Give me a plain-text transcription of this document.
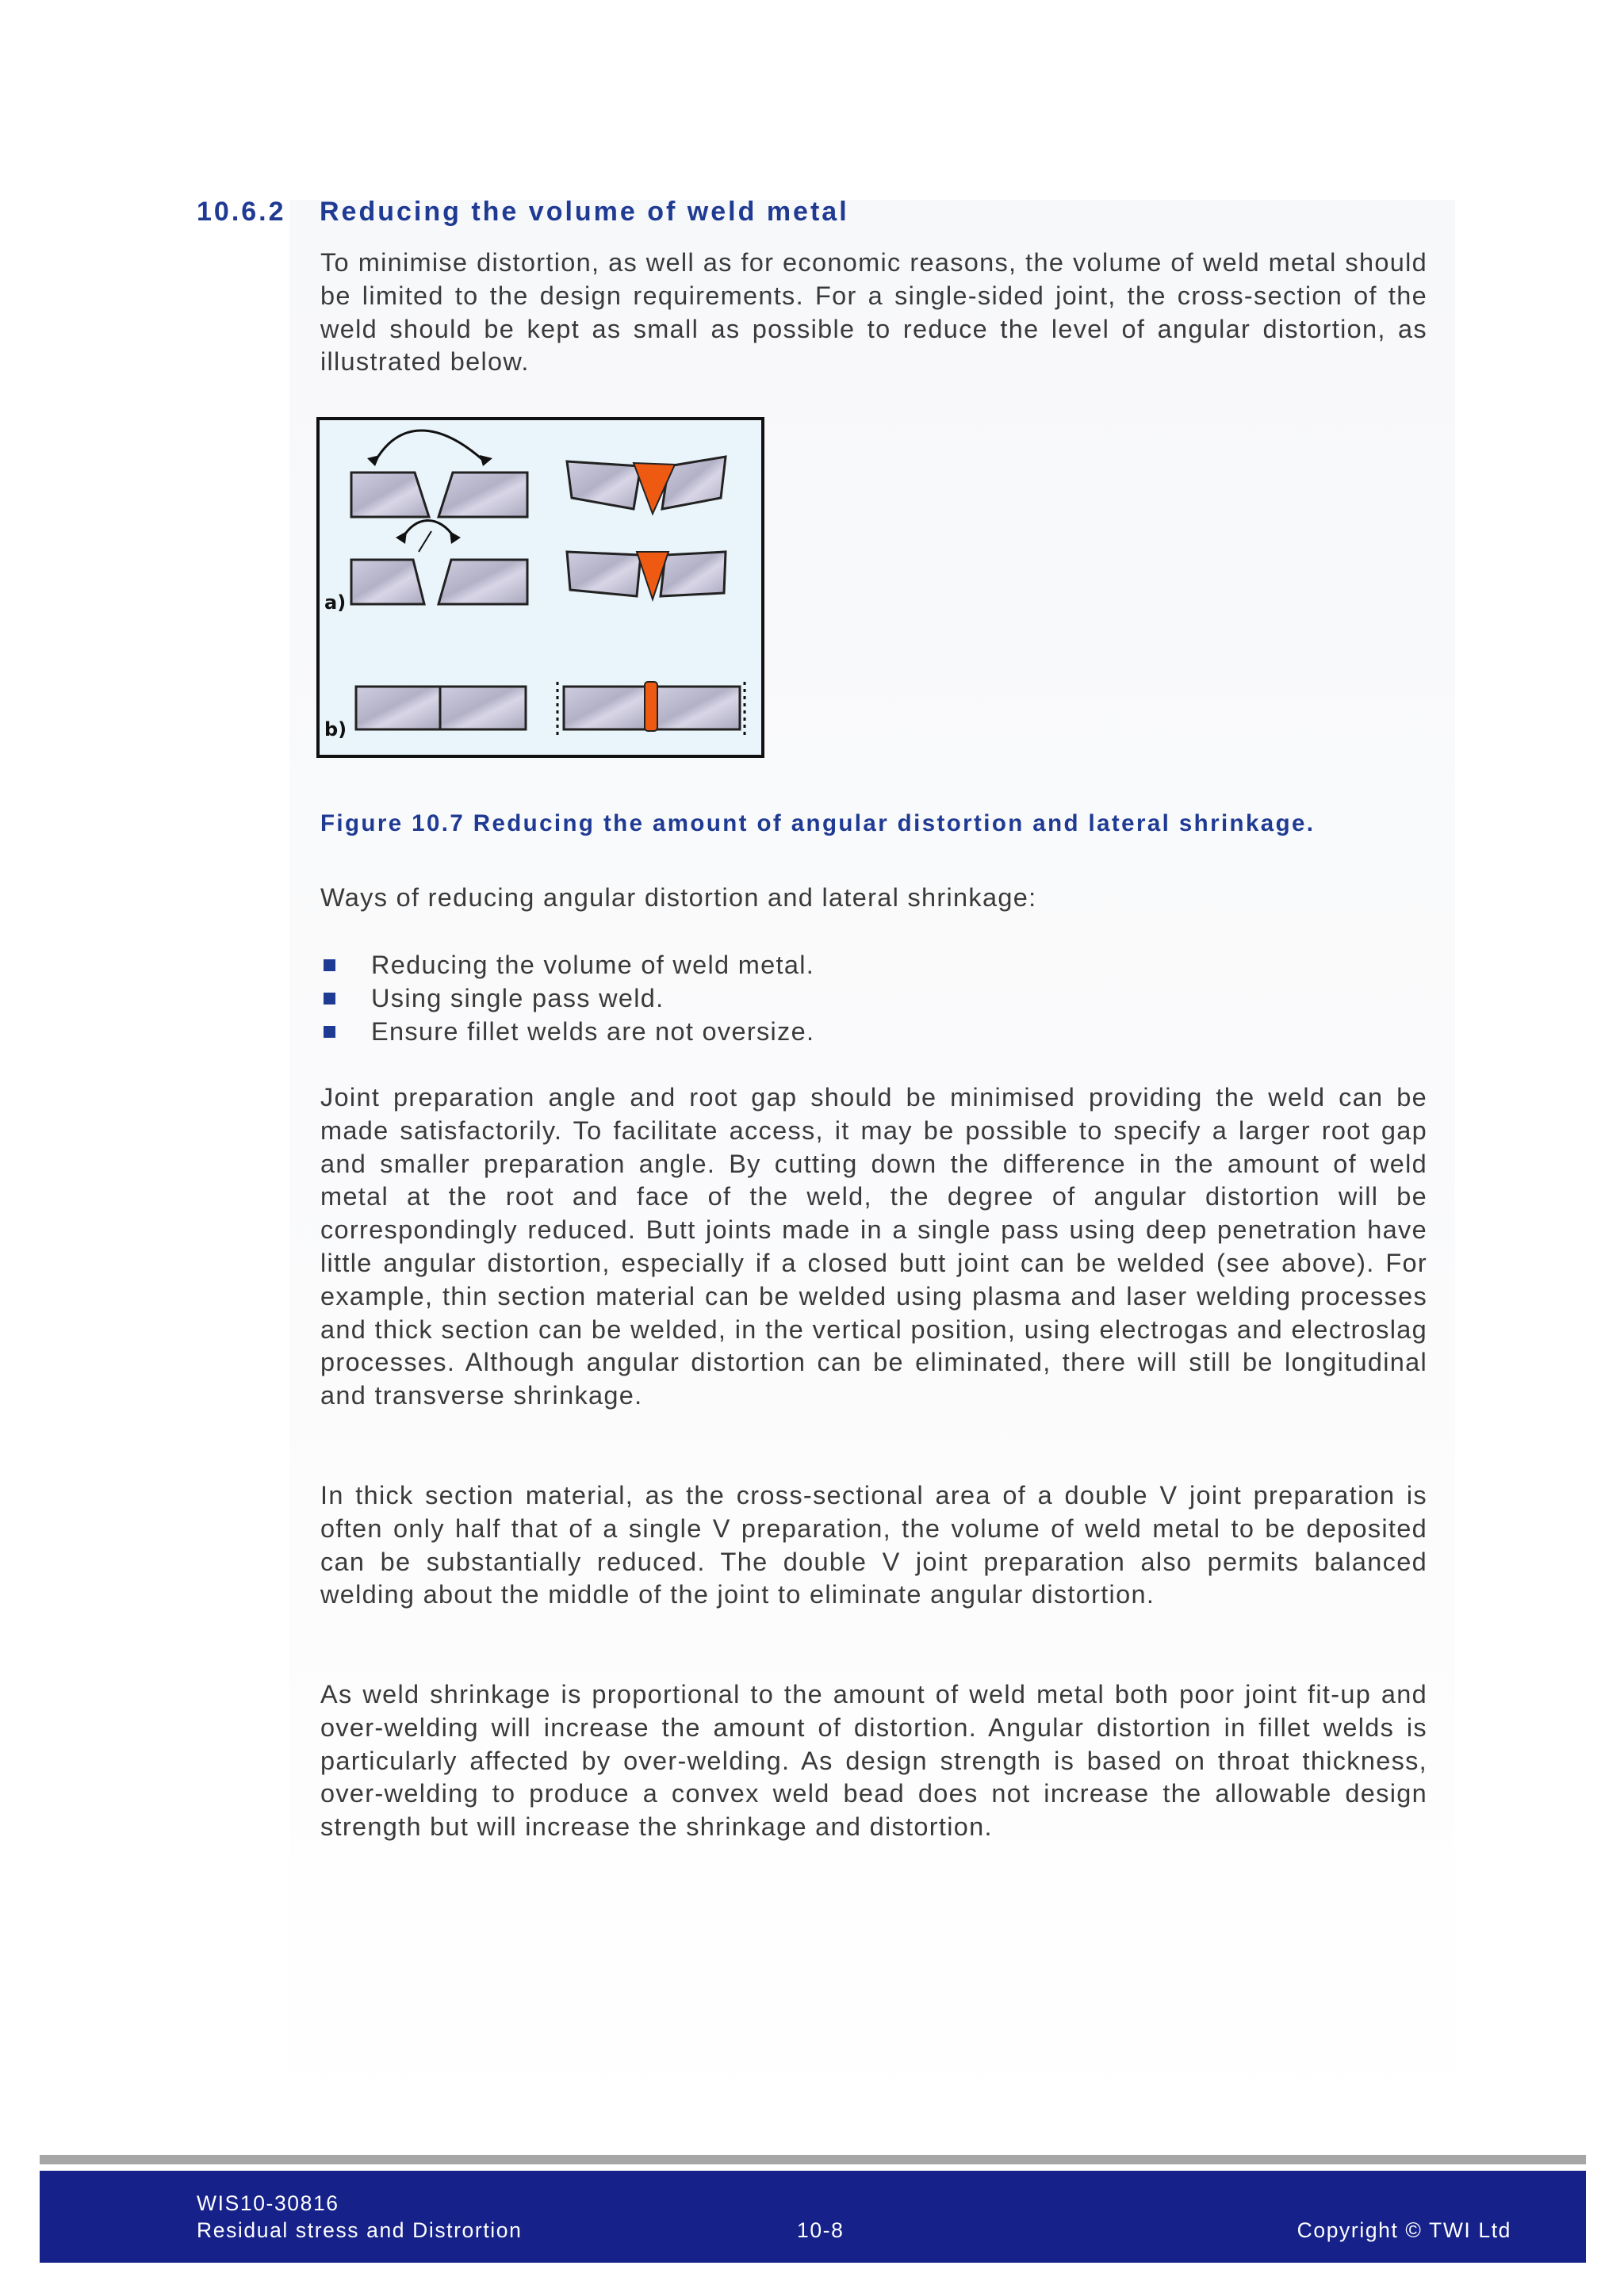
10.6.2 Reducing the volume of weld metal

To minimise distortion, as well as for economic reasons, the volume of weld metal should be limited to the design requirements. For a single-sided joint, the cross-section of the weld should be kept as small as possible to reduce the level of angular distortion, as illustrated below.

a)
b)
Figure 10.7 Reducing the amount of angular distortion and lateral shrinkage.

Ways of reducing angular distortion and lateral shrinkage:

Reducing the volume of weld metal.
Using single pass weld.
Ensure fillet welds are not oversize.

Joint preparation angle and root gap should be minimised providing the weld can be made satisfactorily. To facilitate access, it may be possible to specify a larger root gap and smaller preparation angle. By cutting down the difference in the amount of weld metal at the root and face of the weld, the degree of angular distortion will be correspondingly reduced. Butt joints made in a single pass using deep penetration have little angular distortion, especially if a closed butt joint can be welded (see above). For example, thin section material can be welded using plasma and laser welding processes and thick section can be welded, in the vertical position, using electrogas and electroslag processes. Although angular distortion can be eliminated, there will still be longitudinal and transverse shrinkage.

In thick section material, as the cross-sectional area of a double V joint preparation is often only half that of a single V preparation, the volume of weld metal to be deposited can be substantially reduced. The double V joint preparation also permits balanced welding about the middle of the joint to eliminate angular distortion.

As weld shrinkage is proportional to the amount of weld metal both poor joint fit-up and over-welding will increase the amount of distortion. Angular distortion in fillet welds is particularly affected by over-welding. As design strength is based on throat thickness, over-welding to produce a convex weld bead does not increase the allowable design strength but will increase the shrinkage and distortion.

WIS10-30816
Residual stress and Distrortion	10-8	Copyright © TWI Ltd
